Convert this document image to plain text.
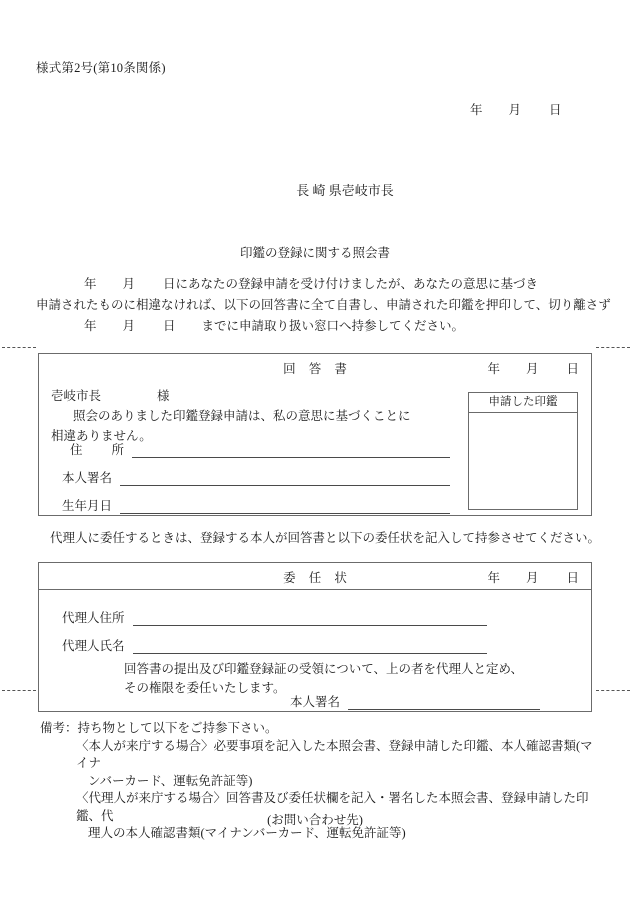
様式第2号(第10条関係)
年 月 日
長 崎 県壱岐市長
印鑑の登録に関する照会書
年 月 日にあなたの登録申請を受け付けましたが、あなたの意思に基づき
申請されたものに相違なければ、以下の回答書に全て自書し、申請された印鑑を押印して、切り離さず
年 月 日 までに申請取り扱い窓口へ持参してください。
回 答 書	年 月 日
壱岐市長	様
照会のありました印鑑登録申請は、私の意思に基づくことに
相違ありません。
住　　所
本人署名
生年月日
申請した印鑑
代理人に委任するときは、登録する本人が回答書と以下の委任状を記入して持参させてください。
委 任 状	年 月 日
代理人住所
代理人氏名
回答書の提出及び印鑑登録証の受領について、上の者を代理人と定め、
その権限を委任いたします。
本人署名
備考：持ち物として以下をご持参下さい。
〈本人が来庁する場合〉必要事項を記入した本照会書、登録申請した印鑑、本人確認書類(マイナ
ンバーカード、運転免許証等)
〈代理人が来庁する場合〉回答書及び委任状欄を記入・署名した本照会書、登録申請した印鑑、代
理人の本人確認書類(マイナンバーカード、運転免許証等)
(お問い合わせ先)
